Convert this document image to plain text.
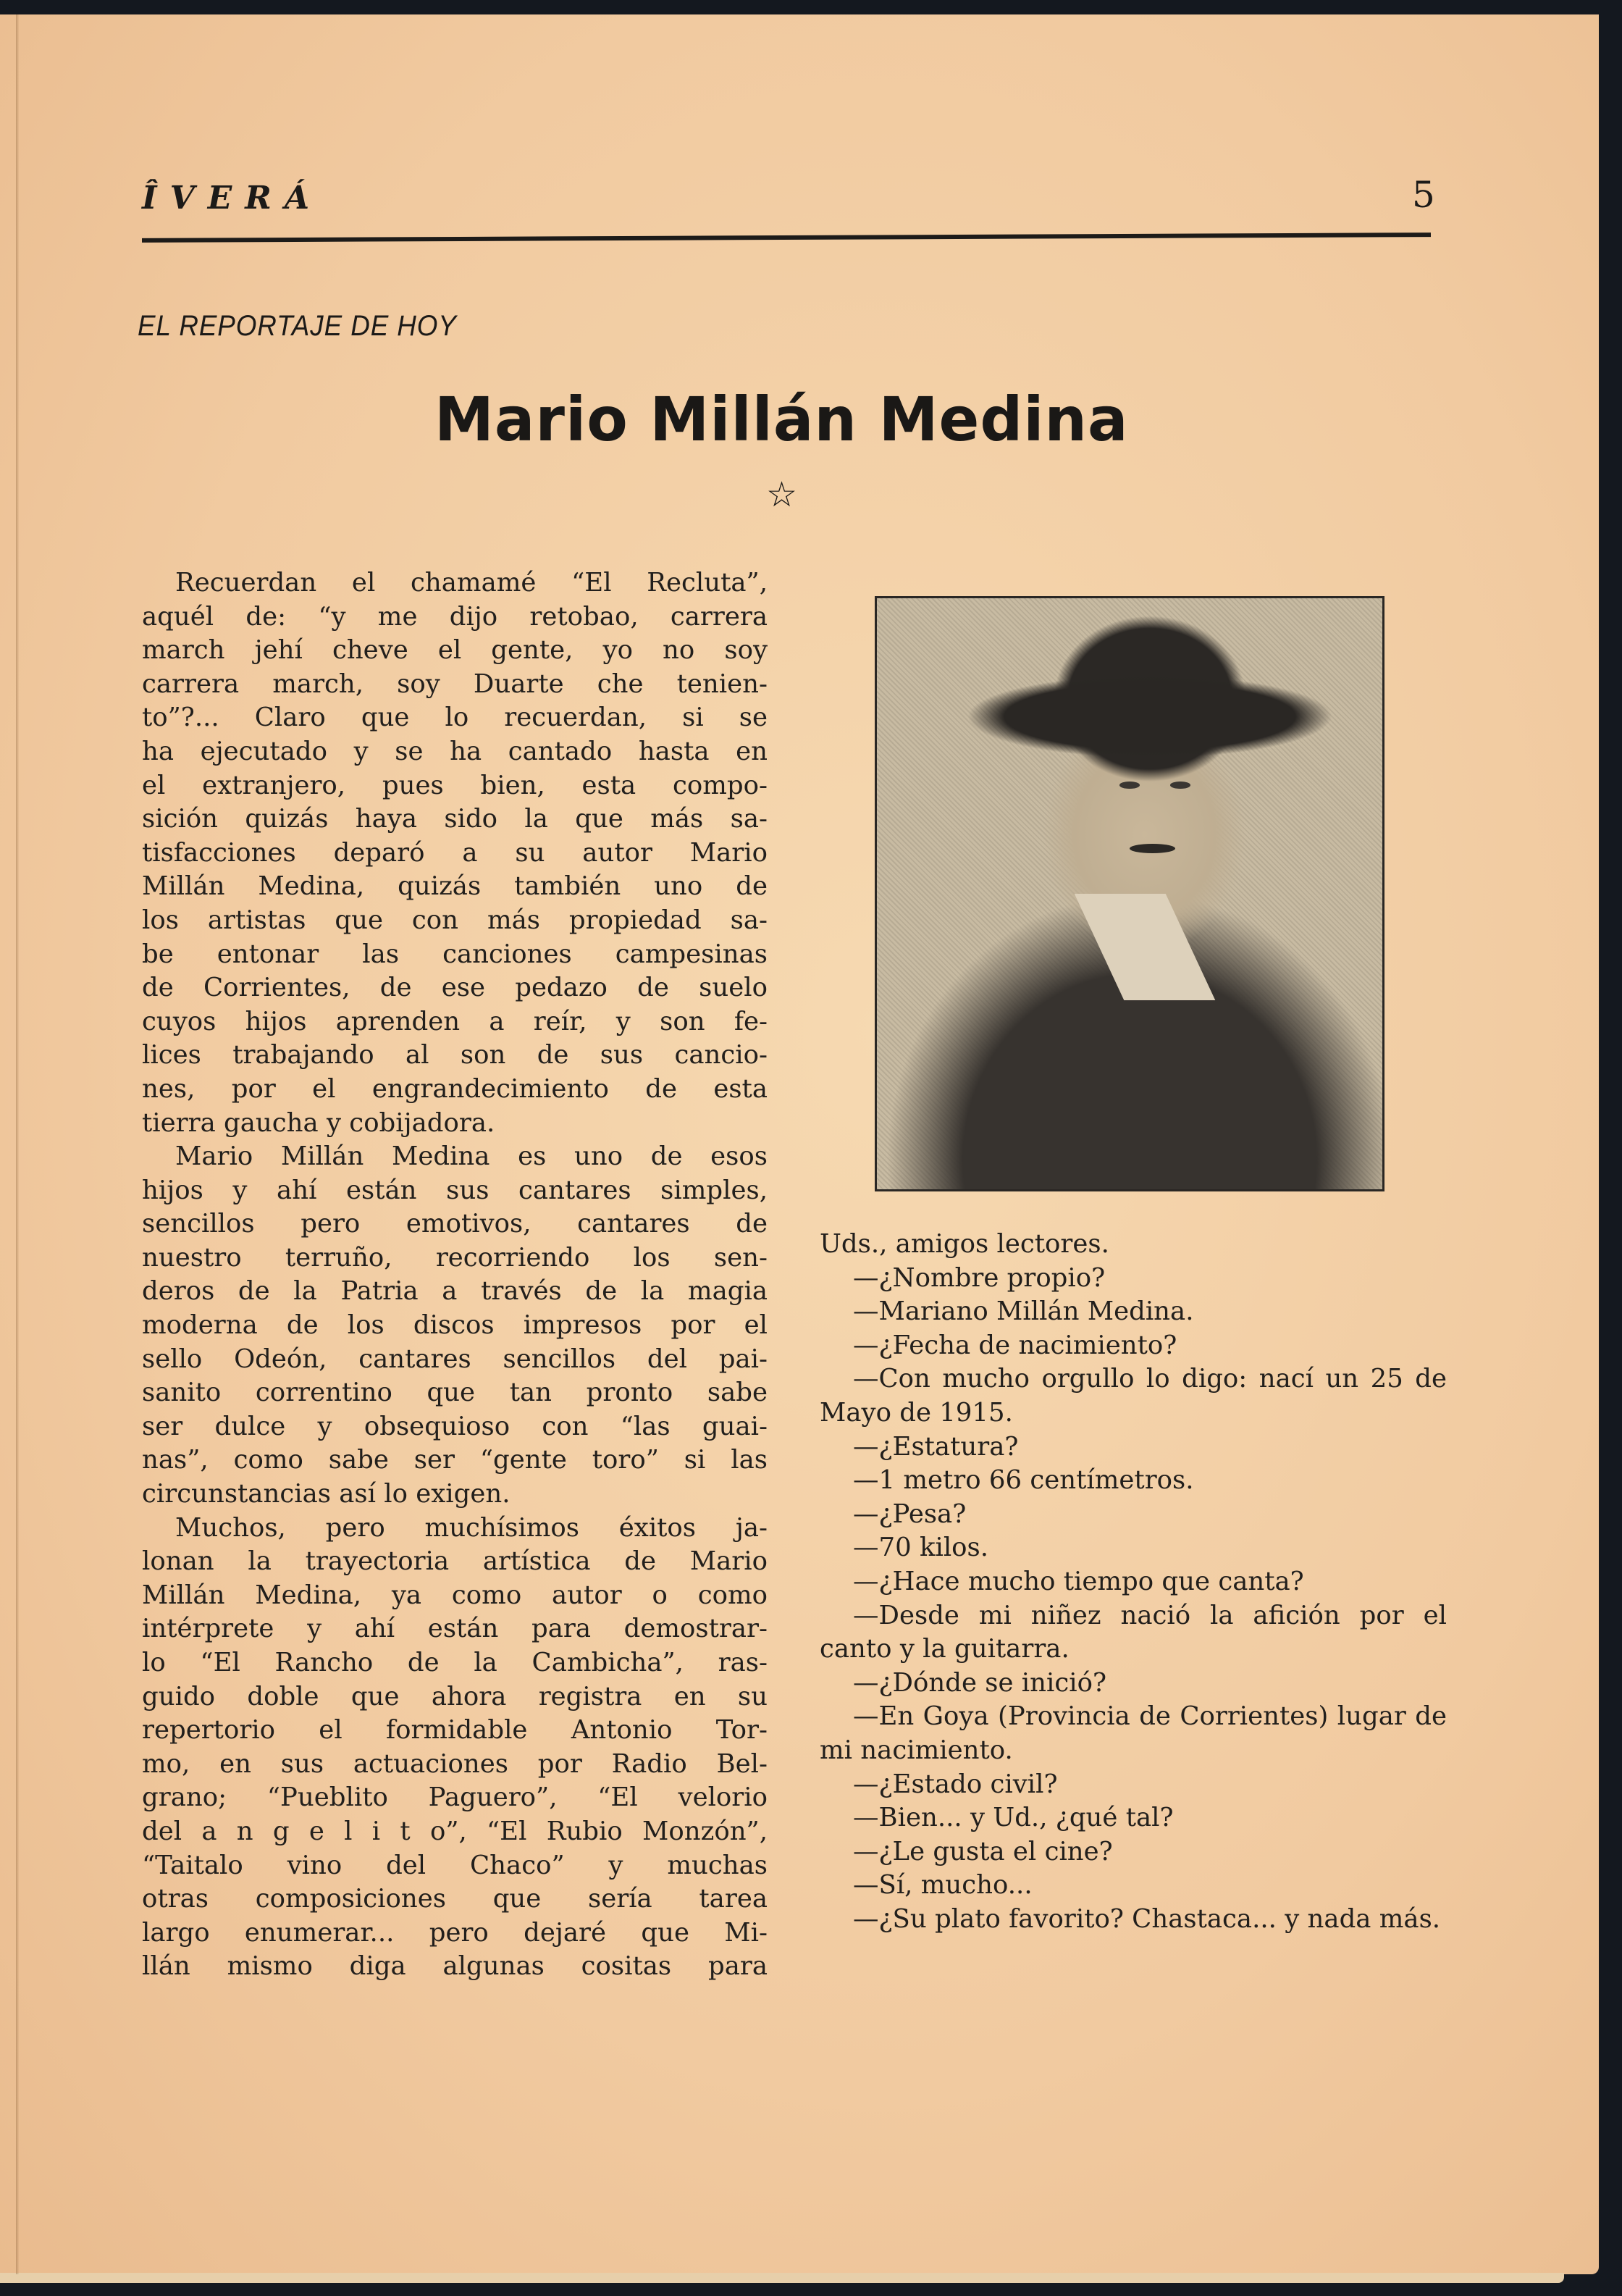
ÎVERÁ	5
EL REPORTAJE DE HOY
Mario Millán Medina
☆

Recuerdan el chamamé “El Recluta”,
aquél de: “y me dijo retobao, carrera
march jehí cheve el gente, yo no soy
carrera march, soy Duarte che tenien-
to”?... Claro que lo recuerdan, si se
ha ejecutado y se ha cantado hasta en
el extranjero, pues bien, esta compo-
sición quizás haya sido la que más sa-
tisfacciones deparó a su autor Mario
Millán Medina, quizás también uno de
los artistas que con más propiedad sa-
be entonar las canciones campesinas
de Corrientes, de ese pedazo de suelo
cuyos hijos aprenden a reír, y son fe-
lices trabajando al son de sus cancio-
nes, por el engrandecimiento de esta
tierra gaucha y cobijadora.

Mario Millán Medina es uno de esos
hijos y ahí están sus cantares simples,
sencillos pero emotivos, cantares de
nuestro terruño, recorriendo los sen-
deros de la Patria a través de la magia
moderna de los discos impresos por el
sello Odeón, cantares sencillos del pai-
sanito correntino que tan pronto sabe
ser dulce y obsequioso con “las guai-
nas”, como sabe ser “gente toro” si las
circunstancias así lo exigen.

Muchos, pero muchísimos éxitos ja-
lonan la trayectoria artística de Mario
Millán Medina, ya como autor o como
intérprete y ahí están para demostrar-
lo “El Rancho de la Cambicha”, ras-
guido doble que ahora registra en su
repertorio el formidable Antonio Tor-
mo, en sus actuaciones por Radio Bel-
grano; “Pueblito Paguero”, “El velorio
del a n g e l i t o”, “El Rubio Monzón”,
“Taitalo vino del Chaco” y muchas
otras composiciones que sería tarea
largo enumerar... pero dejaré que Mi-
llán mismo diga algunas cositas para

Uds., amigos lectores.
—¿Nombre propio?
—Mariano Millán Medina.
—¿Fecha de nacimiento?
—Con mucho orgullo lo digo: nací un 25 de Mayo de 1915.
—¿Estatura?
—1 metro 66 centímetros.
—¿Pesa?
—70 kilos.
—¿Hace mucho tiempo que canta?
—Desde mi niñez nació la afición por el canto y la guitarra.
—¿Dónde se inició?
—En Goya (Provincia de Corrientes) lugar de mi nacimiento.
—¿Estado civil?
—Bien... y Ud., ¿qué tal?
—¿Le gusta el cine?
—Sí, mucho...
—¿Su plato favorito? Chastaca... y nada más.
